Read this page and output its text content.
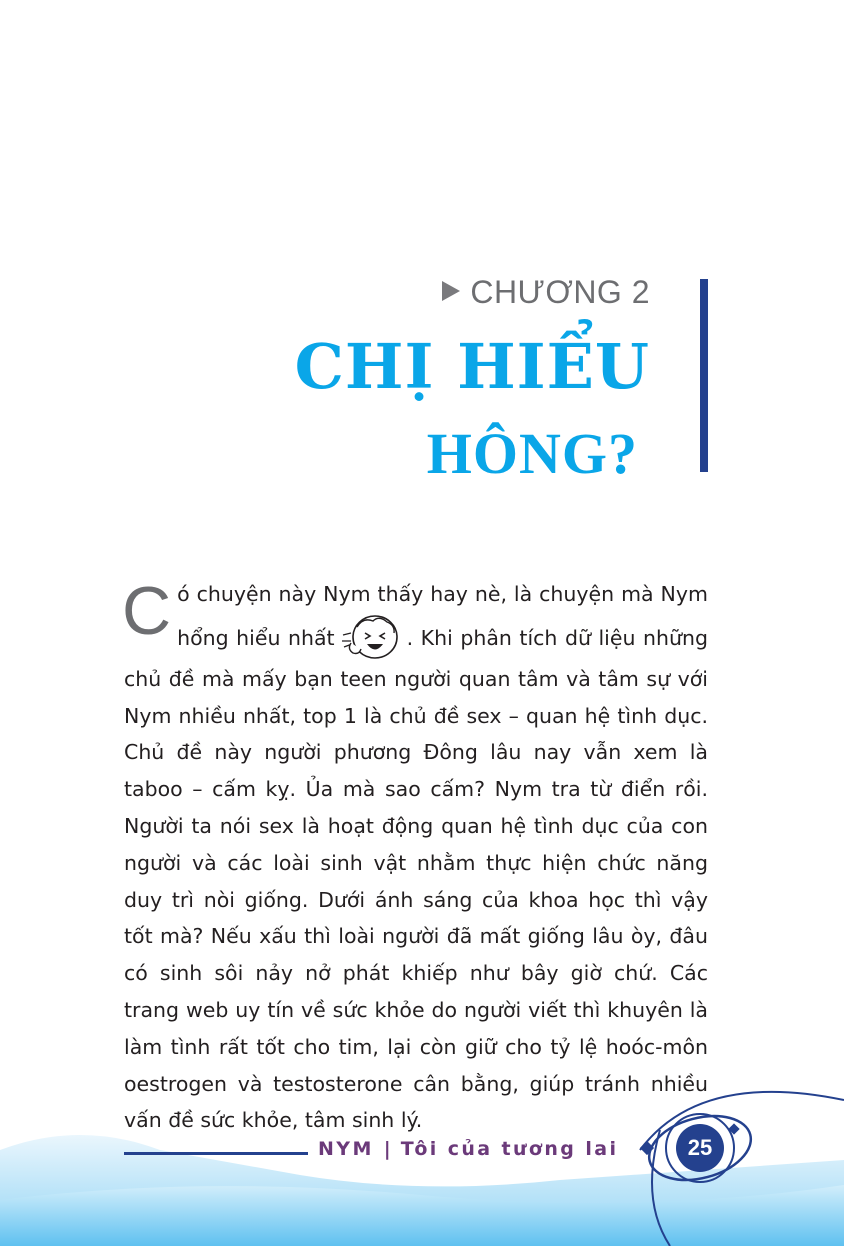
CHƯƠNG 2
CHỊ HIỂU
HÔNG?
Có chuyện này Nym thấy hay nè, là chuyện mà Nym hổng hiểu nhất	. Khi phân tích dữ liệu những chủ đề mà mấy bạn teen người quan tâm và tâm sự với Nym nhiều nhất, top 1 là chủ đề sex – quan hệ tình dục. Chủ đề này người phương Đông lâu nay vẫn xem là taboo – cấm kỵ. Ủa mà sao cấm? Nym tra từ điển rồi. Người ta nói sex là hoạt động quan hệ tình dục của con người và các loài sinh vật nhằm thực hiện chức năng duy trì nòi giống. Dưới ánh sáng của khoa học thì vậy tốt mà? Nếu xấu thì loài người đã mất giống lâu òy, đâu có sinh sôi nảy nở phát khiếp như bây giờ chứ. Các trang web uy tín về sức khỏe do người viết thì khuyên là làm tình rất tốt cho tim, lại còn giữ cho tỷ lệ hoóc-môn oestrogen và testosterone cân bằng, giúp tránh nhiều vấn đề sức khỏe, tâm sinh lý.
NYM | Tôi của tương lai	25
